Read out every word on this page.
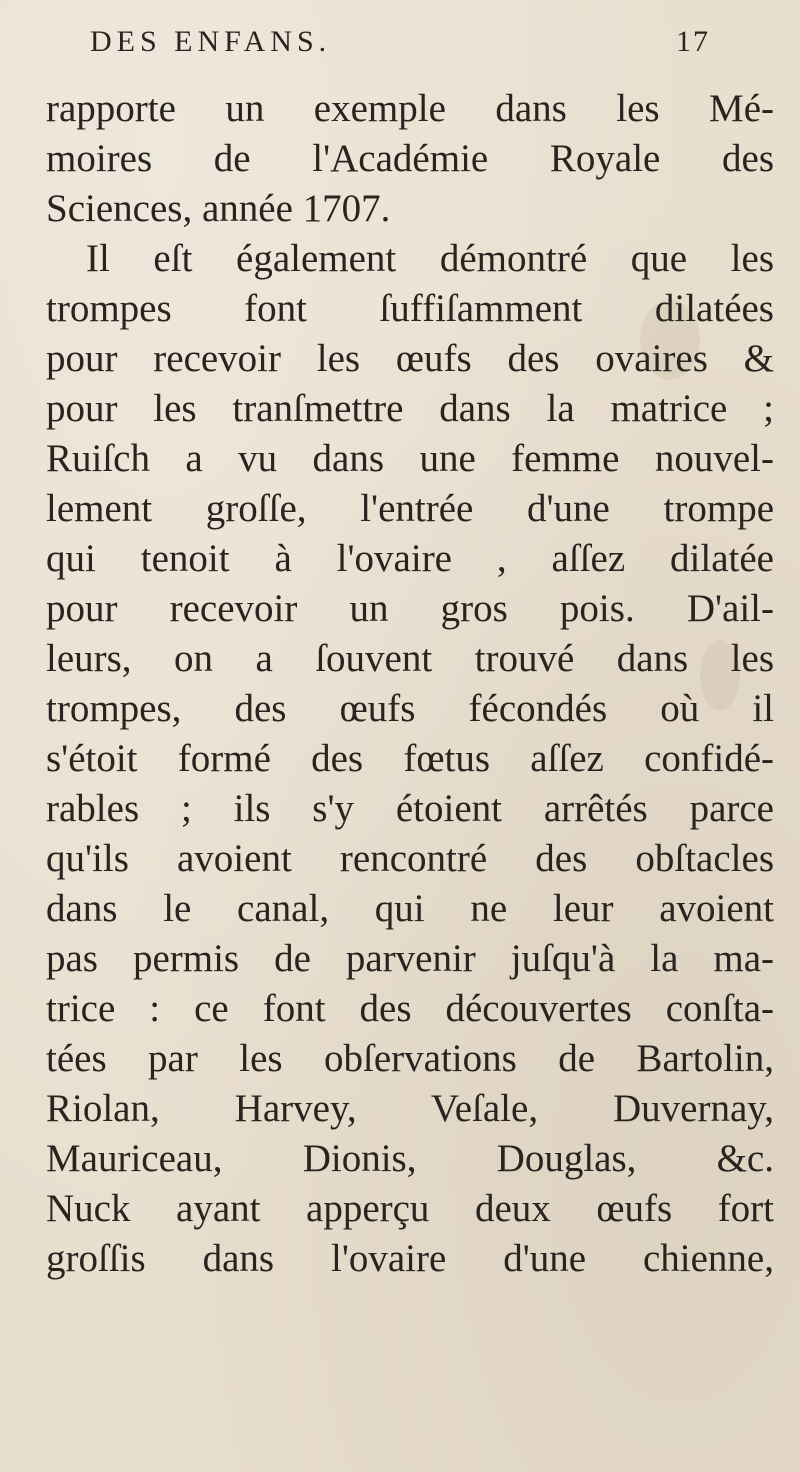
DES ENFANS.	17
rapporte un exemple dans les Mé-
moires de l'Académie Royale des
Sciences, année 1707.
Il eſt également démontré que les
trompes font ſuffiſamment dilatées
pour recevoir les œufs des ovaires &
pour les tranſmettre dans la matrice ;
Ruiſch a vu dans une femme nouvel-
lement groſſe, l'entrée d'une trompe
qui tenoit à l'ovaire , aſſez dilatée
pour recevoir un gros pois. D'ail-
leurs, on a ſouvent trouvé dans les
trompes, des œufs fécondés où il
s'étoit formé des fœtus aſſez confidé-
rables ; ils s'y étoient arrêtés parce
qu'ils avoient rencontré des obſtacles
dans le canal, qui ne leur avoient
pas permis de parvenir juſqu'à la ma-
trice : ce font des découvertes conſta-
tées par les obſervations de Bartolin,
Riolan, Harvey, Veſale, Duvernay,
Mauriceau, Dionis, Douglas, &c.
Nuck ayant apperçu deux œufs fort
groſſis dans l'ovaire d'une chienne,
